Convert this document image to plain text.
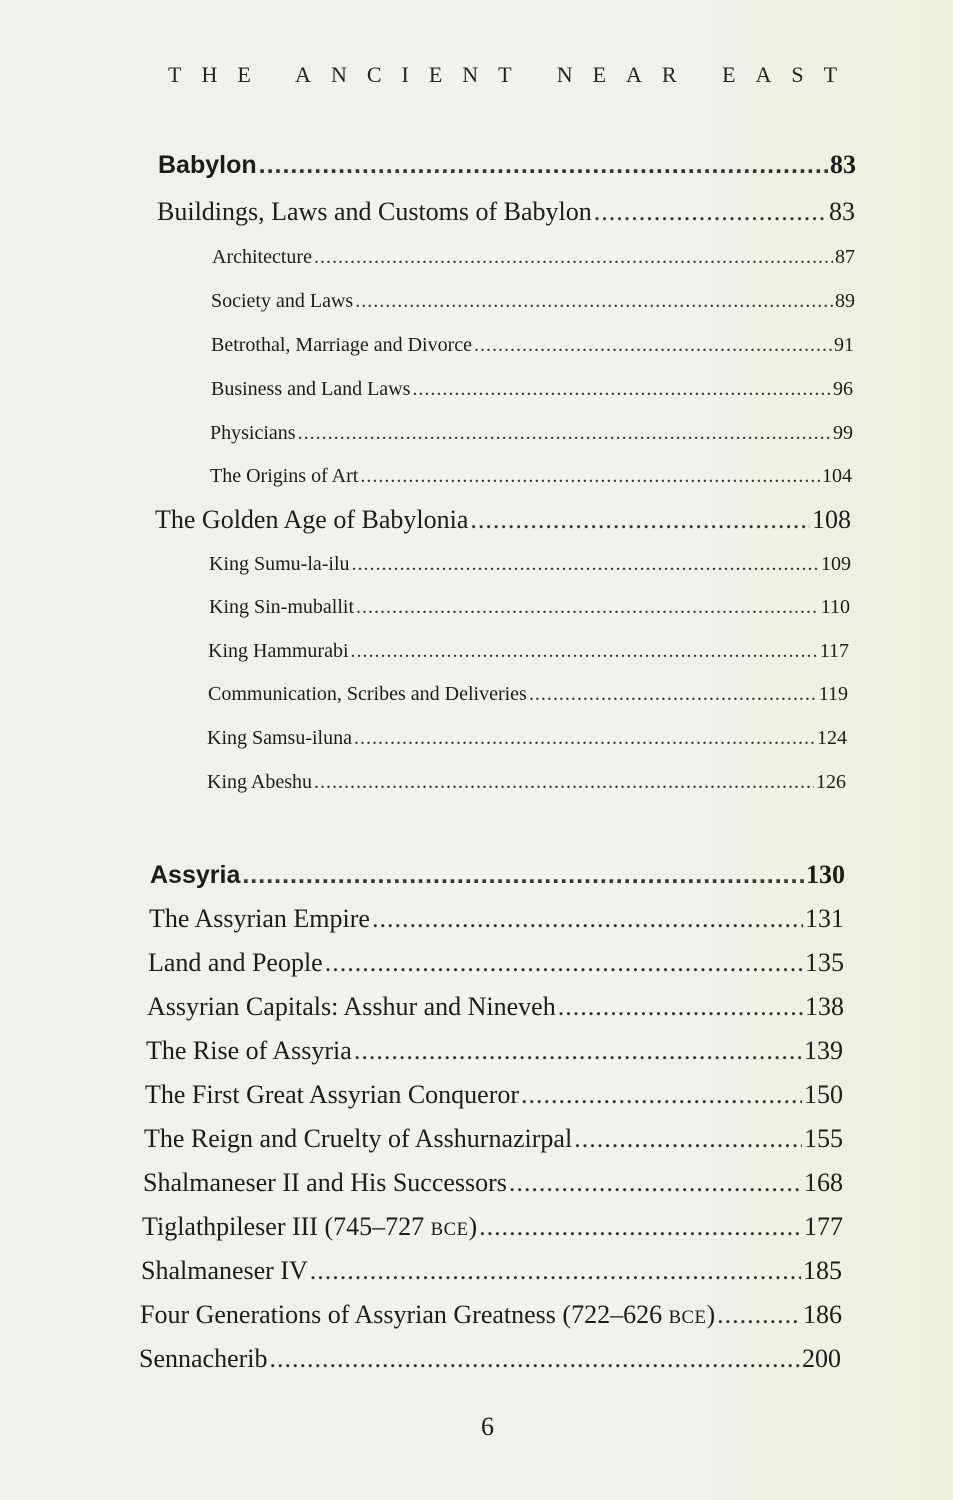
THE ANCIENT NEAR EAST
Babylon .....	83
Buildings, Laws and Customs of Babylon .....	83
Architecture .....	87
Society and Laws .....	89
Betrothal, Marriage and Divorce .....	91
Business and Land Laws .....	96
Physicians .....	99
The Origins of Art .....	104
The Golden Age of Babylonia .....	108
King Sumu-la-ilu .....	109
King Sin-muballit .....	110
King Hammurabi .....	117
Communication, Scribes and Deliveries .....	119
King Samsu-iluna .....	124
King Abeshu .....	126
Assyria .....	130
The Assyrian Empire .....	131
Land and People .....	135
Assyrian Capitals: Asshur and Nineveh .....	138
The Rise of Assyria .....	139
The First Great Assyrian Conqueror .....	150
The Reign and Cruelty of Asshurnazirpal .....	155
Shalmaneser II and His Successors .....	168
Tiglathpileser III (745–727 BCE) .....	177
Shalmaneser IV .....	185
Four Generations of Assyrian Greatness (722–626 BCE) .....	186
Sennacherib .....	200
6
